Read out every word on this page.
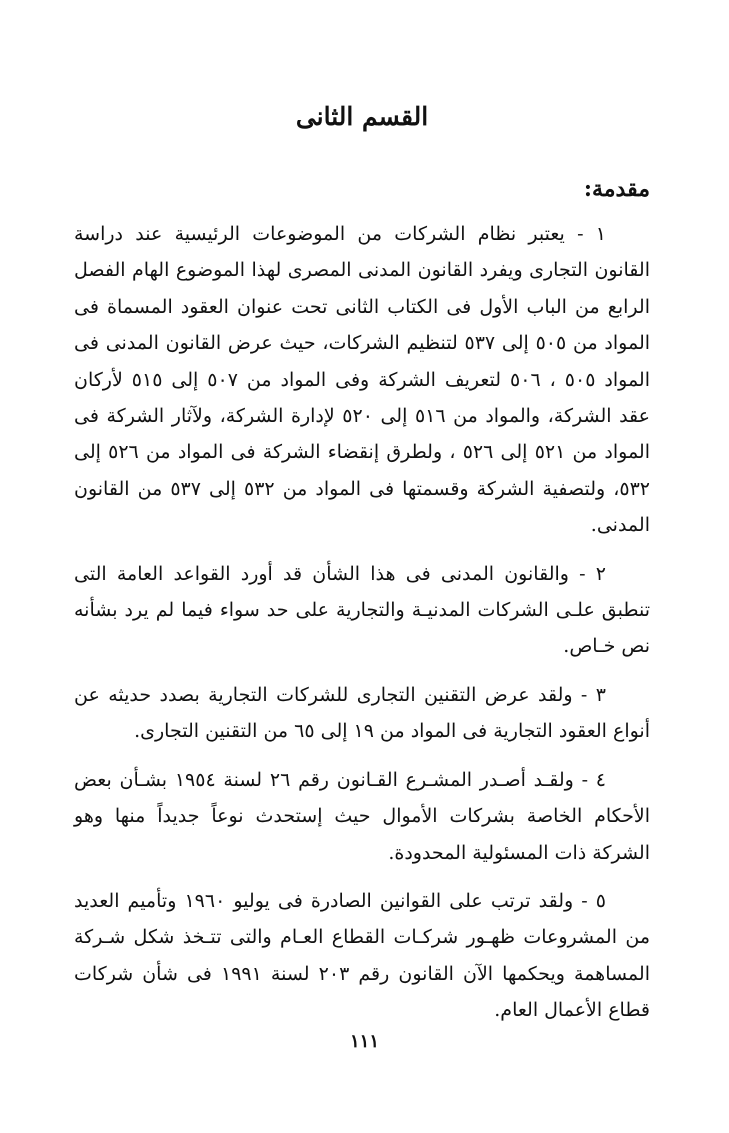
القسم الثانى
مقدمة:

١ - يعتبر نظام الشركات من الموضوعات الرئيسية عند دراسة القانون التجارى ويفرد القانون المدنى المصرى لهذا الموضوع الهام الفصل الرابع من الباب الأول فى الكتاب الثانى تحت عنوان العقود المسماة فى المواد من ٥٠٥ إلى ٥٣٧ لتنظيم الشركات، حيث عرض القانون المدنى فى المواد ٥٠٥ ، ٥٠٦ لتعريف الشركة وفى المواد من ٥٠٧ إلى ٥١٥ لأركان عقد الشركة، والمواد من ٥١٦ إلى ٥٢٠ لإدارة الشركة، ولآثار الشركة فى المواد من ٥٢١ إلى ٥٢٦ ، ولطرق إنقضاء الشركة فى المواد من ٥٢٦ إلى ٥٣٢، ولتصفية الشركة وقسمتها فى المواد من ٥٣٢ إلى ٥٣٧ من القانون المدنى.

٢ - والقانون المدنى فى هذا الشأن قد أورد القواعد العامة التى تنطبق علـى الشركات المدنيـة والتجارية على حد سواء فيما لم يرد بشأنه نص خـاص.

٣ - ولقد عرض التقنين التجارى للشركات التجارية بصدد حديثه عن أنواع العقود التجارية فى المواد من ١٩ إلى ٦٥ من التقنين التجارى.

٤ - ولقـد أصـدر المشـرع القـانون رقم ٢٦ لسنة ١٩٥٤ بشـأن بعض الأحكام الخاصة بشركات الأموال حيث إستحدث نوعاً جديداً منها وهو الشركة ذات المسئولية المحدودة.

٥ - ولقد ترتب على القوانين الصادرة فى يوليو ١٩٦٠ وتأميم العديد من المشروعات ظهـور شركـات القطاع العـام والتى تتـخذ شكل شـركة المساهمة ويحكمها الآن القانون رقم ٢٠٣ لسنة ١٩٩١ فى شأن شركات قطاع الأعمال العام.

١١١
